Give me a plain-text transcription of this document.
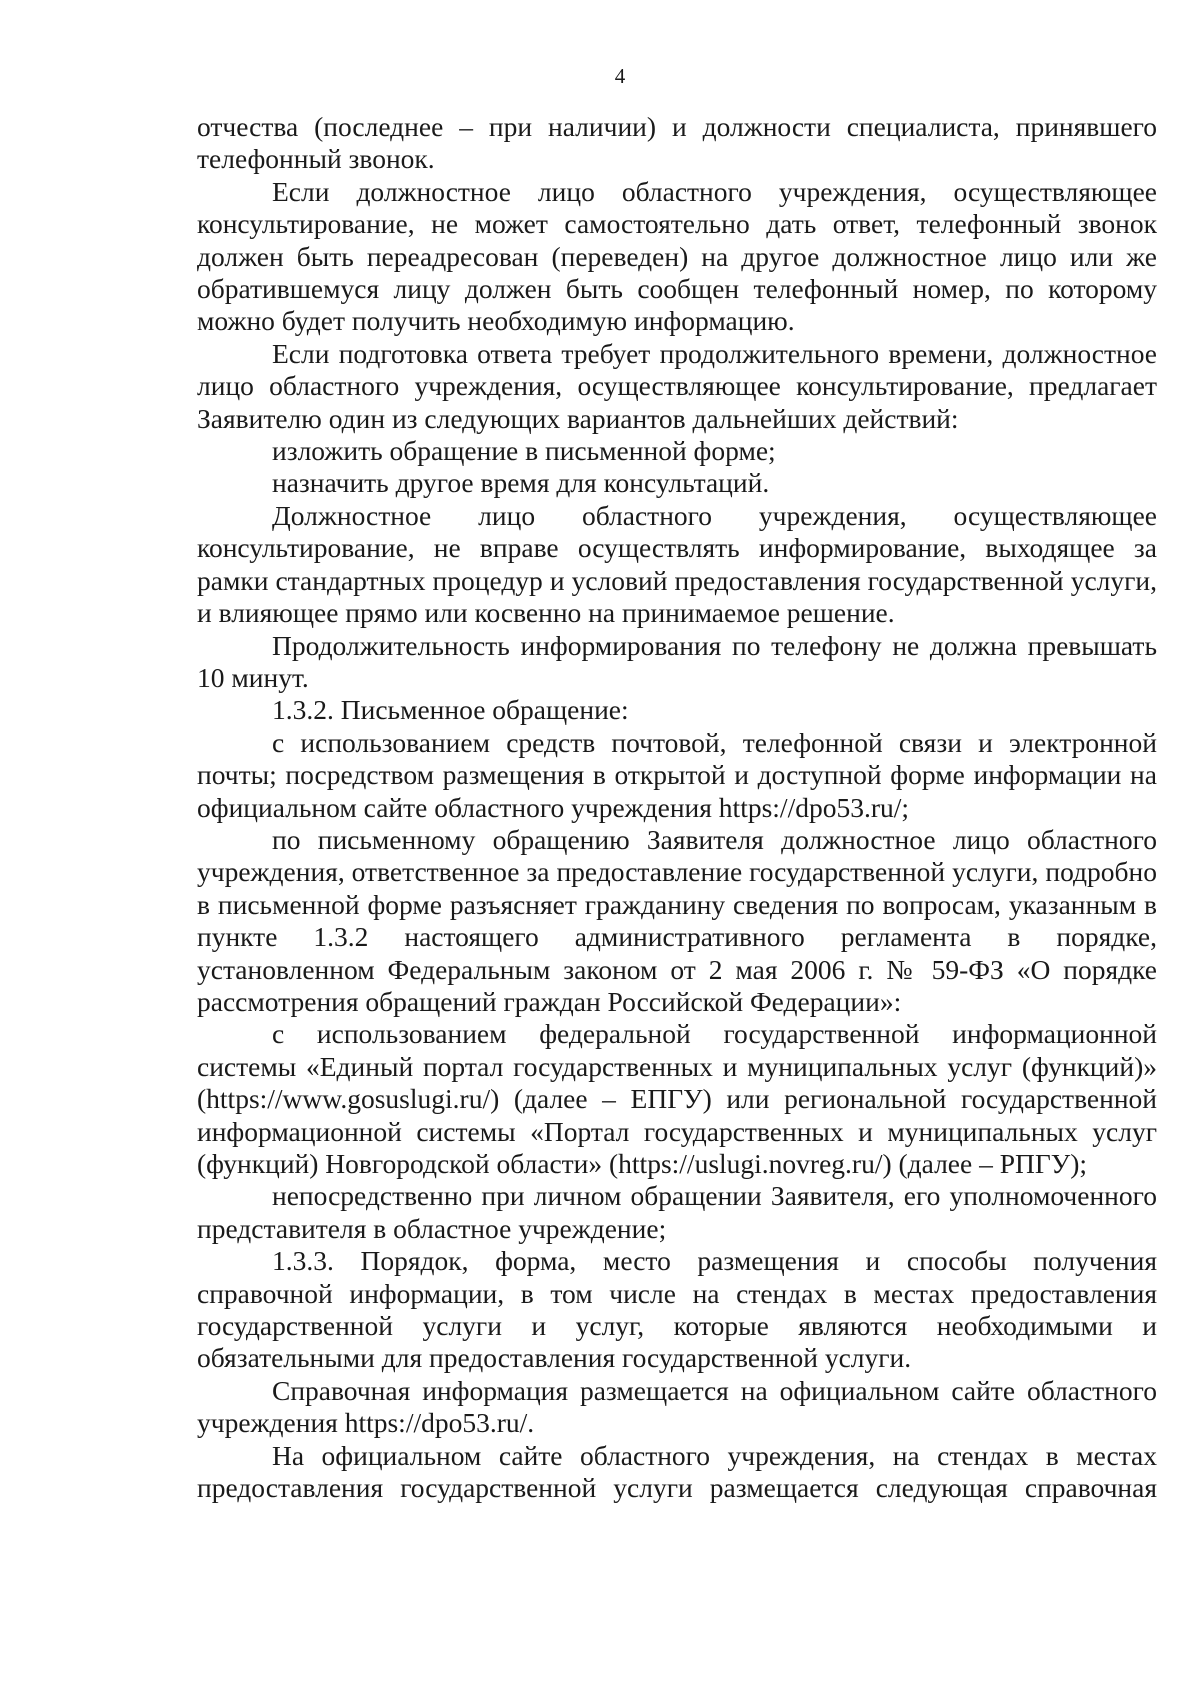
4

отчества (последнее – при наличии) и должности специалиста, принявшего телефонный звонок.

Если должностное лицо областного учреждения, осуществляющее консультирование, не может самостоятельно дать ответ, телефонный звонок должен быть переадресован (переведен) на другое должностное лицо или же обратившемуся лицу должен быть сообщен телефонный номер, по которому можно будет получить необходимую информацию.

Если подготовка ответа требует продолжительного времени, должностное лицо областного учреждения, осуществляющее консультирование, предлагает Заявителю один из следующих вариантов дальнейших действий:

изложить обращение в письменной форме;

назначить другое время для консультаций.

Должностное лицо областного учреждения, осуществляющее консультирование, не вправе осуществлять информирование, выходящее за рамки стандартных процедур и условий предоставления государственной услуги, и влияющее прямо или косвенно на принимаемое решение.

Продолжительность информирования по телефону не должна превышать 10 минут.

1.3.2. Письменное обращение:

с использованием средств почтовой, телефонной связи и электронной почты; посредством размещения в открытой и доступной форме информации на официальном сайте областного учреждения https://dpo53.ru/;

по письменному обращению Заявителя должностное лицо областного учреждения, ответственное за предоставление государственной услуги, подробно в письменной форме разъясняет гражданину сведения по вопросам, указанным в пункте 1.3.2 настоящего административного регламента в порядке, установленном Федеральным законом от 2 мая 2006 г. № 59-ФЗ «О порядке рассмотрения обращений граждан Российской Федерации»:

с использованием федеральной государственной информационной системы «Единый портал государственных и муниципальных услуг (функций)» (https://www.gosuslugi.ru/) (далее – ЕПГУ) или региональной государственной информационной системы «Портал государственных и муниципальных услуг (функций) Новгородской области» (https://uslugi.novreg.ru/) (далее – РПГУ);

непосредственно при личном обращении Заявителя, его уполномоченного представителя в областное учреждение;

1.3.3. Порядок, форма, место размещения и способы получения справочной информации, в том числе на стендах в местах предоставления государственной услуги и услуг, которые являются необходимыми и обязательными для предоставления государственной услуги.

Справочная информация размещается на официальном сайте областного учреждения https://dpo53.ru/.

На официальном сайте областного учреждения, на стендах в местах предоставления государственной услуги размещается следующая справочная
